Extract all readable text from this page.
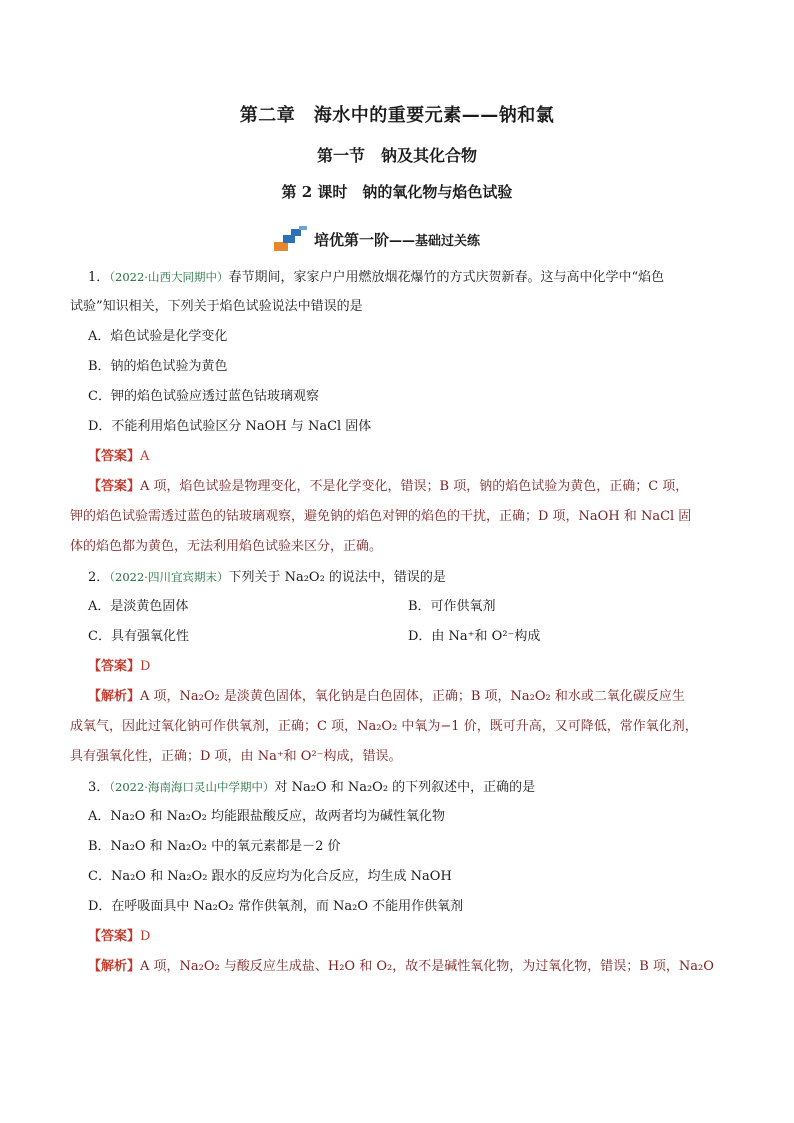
第二章　海水中的重要元素——钠和氯
第一节　钠及其化合物
第 2 课时　钠的氧化物与焰色试验
培优第一阶 ——基础过关练
1．（2022·山西大同期中）春节期间，家家户户用燃放烟花爆竹的方式庆贺新春。这与高中化学中“焰色
试验”知识相关，下列关于焰色试验说法中错误的是
A．焰色试验是化学变化
B．钠的焰色试验为黄色
C．钾的焰色试验应透过蓝色钴玻璃观察
D．不能利用焰色试验区分 NaOH 与 NaCl 固体
【答案】A
【答案】A 项，焰色试验是物理变化，不是化学变化，错误；B 项，钠的焰色试验为黄色，正确；C 项，
钾的焰色试验需透过蓝色的钴玻璃观察，避免钠的焰色对钾的焰色的干扰，正确；D 项，NaOH 和 NaCl 固
体的焰色都为黄色，无法利用焰色试验来区分，正确。
2．（2022·四川宜宾期末）下列关于 Na₂O₂ 的说法中，错误的是
A．是淡黄色固体	B．可作供氧剂
C．具有强氧化性	D．由 Na⁺和 O²⁻构成
【答案】D
【解析】A 项，Na₂O₂ 是淡黄色固体，氧化钠是白色固体，正确；B 项，Na₂O₂ 和水或二氧化碳反应生
成氧气，因此过氧化钠可作供氧剂，正确；C 项，Na₂O₂ 中氧为−1 价，既可升高，又可降低，常作氧化剂，
具有强氧化性，正确；D 项，由 Na⁺和 O²⁻构成，错误。
3．（2022·海南海口灵山中学期中）对 Na₂O 和 Na₂O₂ 的下列叙述中，正确的是
A．Na₂O 和 Na₂O₂ 均能跟盐酸反应，故两者均为碱性氧化物
B．Na₂O 和 Na₂O₂ 中的氧元素都是－2 价
C．Na₂O 和 Na₂O₂ 跟水的反应均为化合反应，均生成 NaOH
D．在呼吸面具中 Na₂O₂ 常作供氧剂，而 Na₂O 不能用作供氧剂
【答案】D
【解析】A 项，Na₂O₂ 与酸反应生成盐、H₂O 和 O₂，故不是碱性氧化物，为过氧化物，错误；B 项，Na₂O
